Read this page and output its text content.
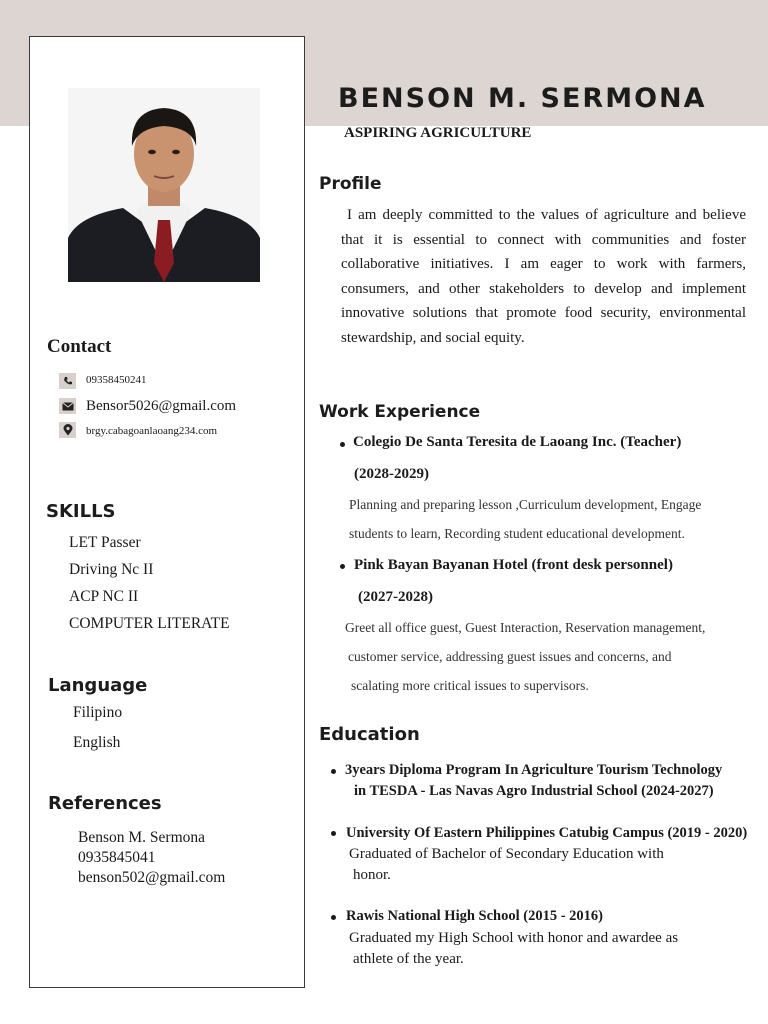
BENSON M. SERMONA
ASPIRING AGRICULTURE
Profile
I am deeply committed to the values of agriculture and believe that it is essential to connect with communities and foster collaborative initiatives. I am eager to work with farmers, consumers, and other stakeholders to develop and implement innovative solutions that promote food security, environmental stewardship, and social equity.
Contact
09358450241
Bensor5026@gmail.com
brgy.cabagoanlaoang234.com
SKILLS
LET Passer
Driving Nc II
ACP NC II
COMPUTER LITERATE
Language
Filipino
English
References
Benson M. Sermona
0935845041
benson502@gmail.com
Work Experience
Colegio De Santa Teresita de Laoang Inc. (Teacher)
(2028-2029)
Planning and preparing lesson ,Curriculum development, Engage
students to learn, Recording student educational development.
Pink Bayan Bayanan Hotel (front desk personnel)
(2027-2028)
Greet all office guest, Guest Interaction, Reservation management,
customer service, addressing guest issues and concerns, and
scalating more critical issues to supervisors.
Education
3years Diploma Program In Agriculture Tourism Technology
in TESDA - Las Navas Agro Industrial School (2024-2027)
University Of Eastern Philippines Catubig Campus (2019 - 2020)
Graduated of Bachelor of Secondary Education with
honor.
Rawis National High School (2015 - 2016)
Graduated my High School with honor and awardee as
athlete of the year.
